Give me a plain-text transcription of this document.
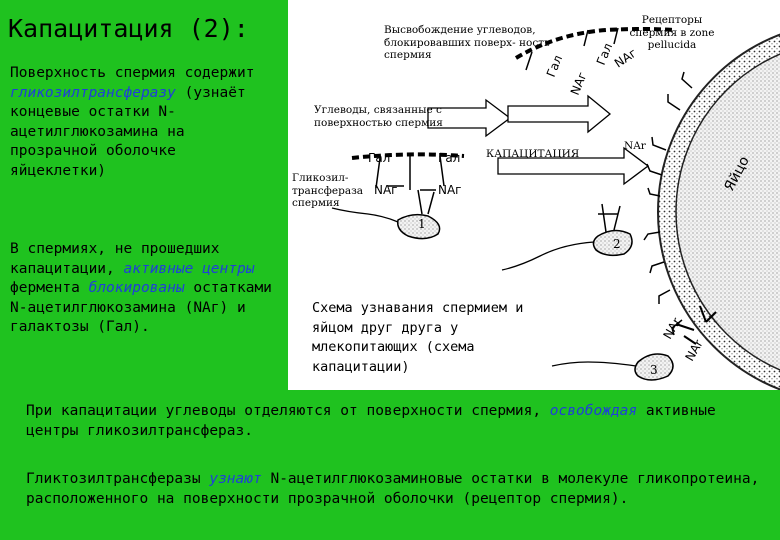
Капацитация (2):
Поверхность спермия содержит гликозилтрансферазу (узнаёт концевые остатки N-ацетилглюкозамина на прозрачной оболочке яйцеклетки)
В спермиях, не прошедших капацитации, активные центры фермента блокированы остатками N-ацетилглюкозамина (NAг) и галактозы (Гал).
Гал
NAг
Гал
NAг
Гал	Гал
NAг	NAг
NAr
NAr
1
2
3
Яйцо
Высвобождение углеводов, блокировавших поверх- ность спермия
Рецепторы спермия в zone pellucida
Углеводы, связанные с поверхностью спермия
КАПАЦИТАЦИЯ
NAr
Гликозил- трансфераза спермия
Схема узнавания спермием и яйцом друг друга у млекопитающих (схема капацитации)
При капацитации углеводы отделяются от поверхности спермия, освобождая активные центры гликозилтрансфераз.
Гликтозилтрансферазы узнают N-ацетилглюкозаминовые остатки в молекуле гликопротеина, расположенного на поверхности прозрачной оболочки (рецептор спермия).
